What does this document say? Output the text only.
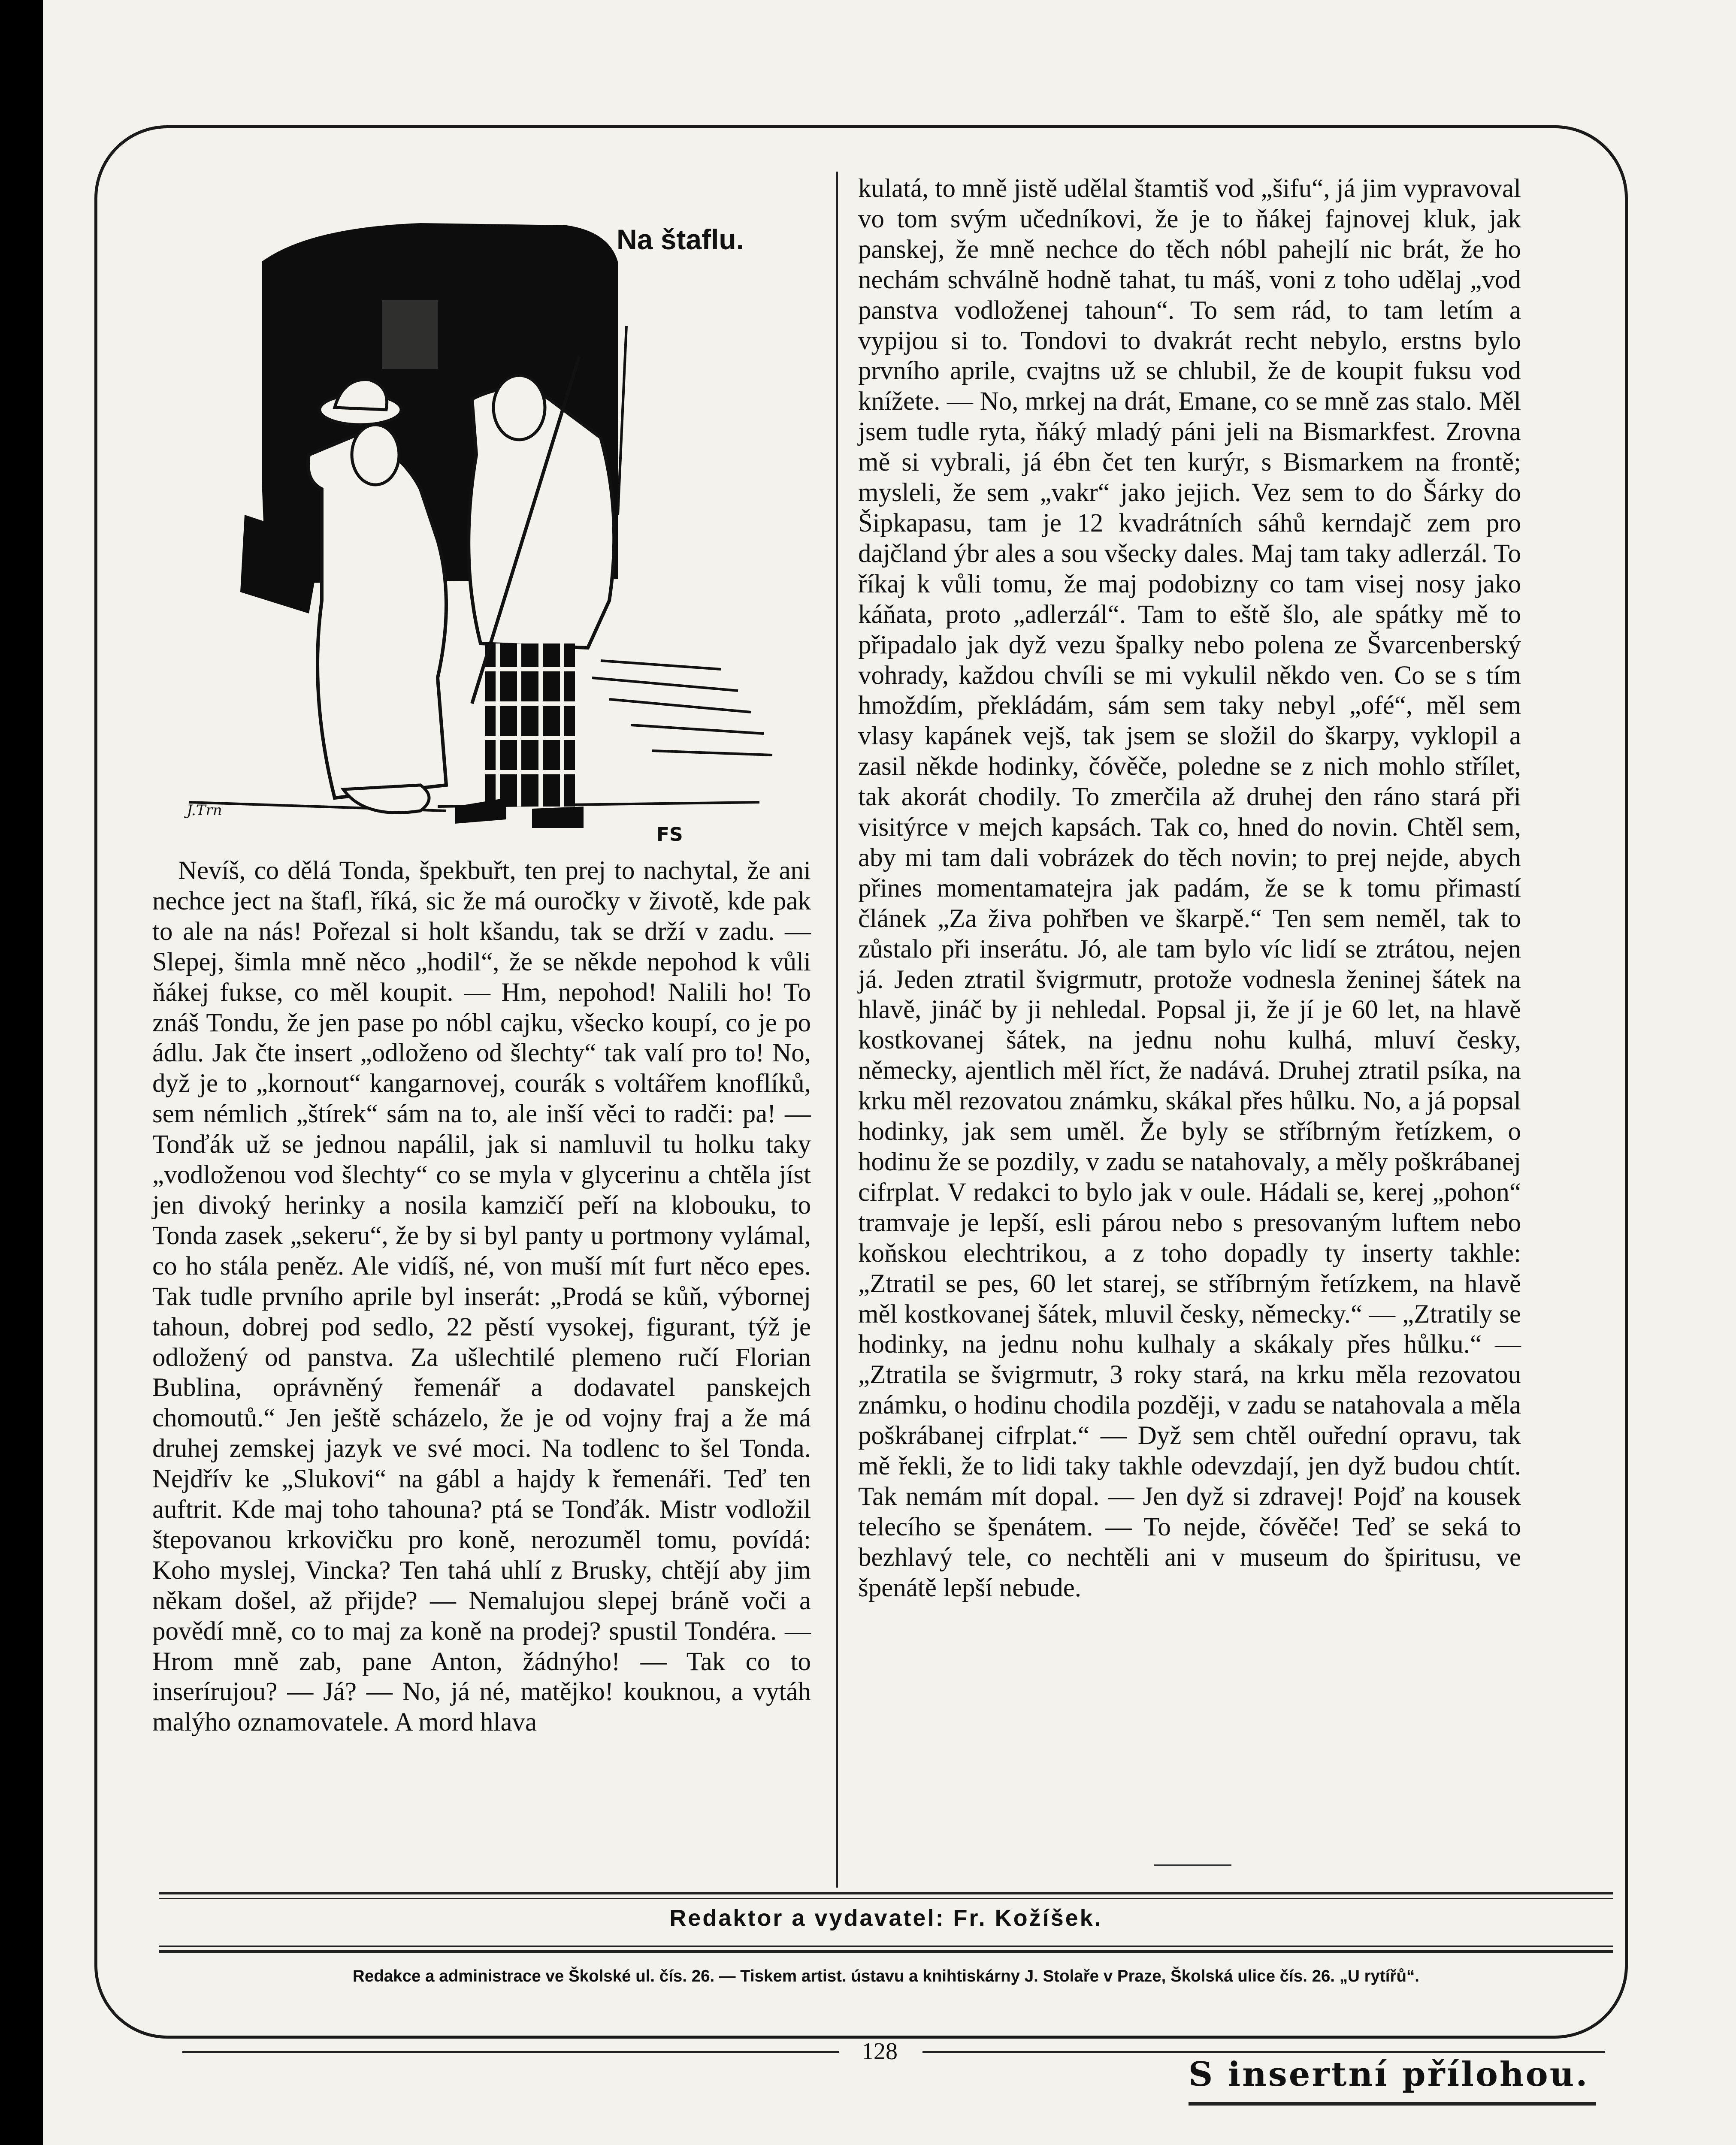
Na štaflu.
J.Trn
FS

Nevíš, co dělá Tonda, špekbuřt, ten prej to nachytal, že ani nechce ject na štafl, říká, sic že má ouročky v životě, kde pak to ale na nás! Pořezal si holt kšandu, tak se drží v zadu. — Slepej, šimla mně něco „hodil“, že se někde nepohod k vůli ňákej fukse, co měl koupit. — Hm, nepohod! Nalili ho! To znáš Tondu, že jen pase po nóbl cajku, všecko koupí, co je po ádlu. Jak čte insert „odloženo od šlechty“ tak valí pro to! No, dyž je to „kornout“ kangarnovej, courák s voltářem knoflíků, sem némlich „štírek“ sám na to, ale inší věci to radči: pa! — Tonďák už se jednou napálil, jak si namluvil tu holku taky „vodloženou vod šlechty“ co se myla v glycerinu a chtěla jíst jen divoký herinky a nosila kamzičí peří na klobouku, to Tonda zasek „sekeru“, že by si byl panty u portmony vylámal, co ho stála peněz. Ale vidíš, né, von muší mít furt něco epes. Tak tudle prvního aprile byl inserát: „Prodá se kůň, výbornej tahoun, dobrej pod sedlo, 22 pěstí vysokej, figurant, týž je odložený od panstva. Za ušlechtilé plemeno ručí Florian Bublina, oprávněný řemenář a dodavatel panskejch chomoutů.“ Jen ještě scházelo, že je od vojny fraj a že má druhej zemskej jazyk ve své moci. Na todlenc to šel Tonda. Nejdřív ke „Slukovi“ na gábl a hajdy k řemenáři. Teď ten auftrit. Kde maj toho tahouna? ptá se Tonďák. Mistr vodložil štepovanou krkovičku pro koně, nerozuměl tomu, povídá: Koho myslej, Vincka? Ten tahá uhlí z Brusky, chtějí aby jim někam došel, až přijde? — Nemalujou slepej bráně voči a povědí mně, co to maj za koně na prodej? spustil Tondéra. — Hrom mně zab, pane Anton, žádnýho! — Tak co to inserírujou? — Já? — No, já né, matějko! kouknou, a vytáh malýho oznamovatele. A mord hlava

kulatá, to mně jistě udělal štamtiš vod „šifu“, já jim vypravoval vo tom svým učedníkovi, že je to ňákej fajnovej kluk, jak panskej, že mně nechce do těch nóbl pahejlí nic brát, že ho nechám schválně hodně tahat, tu máš, voni z toho udělaj „vod panstva vodloženej tahoun“. To sem rád, to tam letím a vypijou si to. Tondovi to dvakrát recht nebylo, erstns bylo prvního aprile, cvajtns už se chlubil, že de koupit fuksu vod knížete. — No, mrkej na drát, Emane, co se mně zas stalo. Měl jsem tudle ryta, ňáký mladý páni jeli na Bismarkfest. Zrovna mě si vybrali, já ébn čet ten kurýr, s Bismarkem na frontě; mysleli, že sem „vakr“ jako jejich. Vez sem to do Šárky do Šipkapasu, tam je 12 kvadrátních sáhů kerndajč zem pro dajčland ýbr ales a sou všecky dales. Maj tam taky adlerzál. To říkaj k vůli tomu, že maj podobizny co tam visej nosy jako káňata, proto „adlerzál“. Tam to eště šlo, ale spátky mě to připadalo jak dyž vezu špalky nebo polena ze Švarcenberský vohrady, každou chvíli se mi vykulil někdo ven. Co se s tím hmoždím, překládám, sám sem taky nebyl „ofé“, měl sem vlasy kapánek vejš, tak jsem se složil do škarpy, vyklopil a zasil někde hodinky, čóvěče, poledne se z nich mohlo střílet, tak akorát chodily. To zmerčila až druhej den ráno stará při visitýrce v mejch kapsách. Tak co, hned do novin. Chtěl sem, aby mi tam dali vobrázek do těch novin; to prej nejde, abych přines momentamatejra jak padám, že se k tomu přimastí článek „Za živa pohřben ve škarpě.“ Ten sem neměl, tak to zůstalo při inserátu. Jó, ale tam bylo víc lidí se ztrátou, nejen já. Jeden ztratil švigrmutr, protože vodnesla ženinej šátek na hlavě, jináč by ji nehledal. Popsal ji, že jí je 60 let, na hlavě kostkovanej šátek, na jednu nohu kulhá, mluví česky, německy, ajentlich měl říct, že nadává. Druhej ztratil psíka, na krku měl rezovatou známku, skákal přes hůlku. No, a já popsal hodinky, jak sem uměl. Že byly se stříbrným řetízkem, o hodinu že se pozdily, v zadu se natahovaly, a měly poškrábanej cifrplat. V redakci to bylo jak v oule. Hádali se, kerej „pohon“ tramvaje je lepší, esli párou nebo s presovaným luftem nebo koňskou elechtrikou, a z toho dopadly ty inserty takhle: „Ztratil se pes, 60 let starej, se stříbrným řetízkem, na hlavě měl kostkovanej šátek, mluvil česky, německy.“ — „Ztratily se hodinky, na jednu nohu kulhaly a skákaly přes hůlku.“ — „Ztratila se švigrmutr, 3 roky stará, na krku měla rezovatou známku, o hodinu chodila později, v zadu se natahovala a měla poškrábanej cifrplat.“ — Dyž sem chtěl ouřední opravu, tak mě řekli, že to lidi taky takhle odevzdají, jen dyž budou chtít. Tak nemám mít dopal. — Jen dyž si zdravej! Pojď na kousek telecího se špenátem. — To nejde, čóvěče! Teď se seká to bezhlavý tele, co nechtěli ani v museum do špiritusu, ve špenátě lepší nebude.

Redaktor a vydavatel: Fr. Kožíšek.
Redakce a administrace ve Školské ul. čís. 26. — Tiskem artist. ústavu a knihtiskárny J. Stolaře v Praze, Školská ulice čís. 26. „U rytířů“.
128
S insertní přílohou.
